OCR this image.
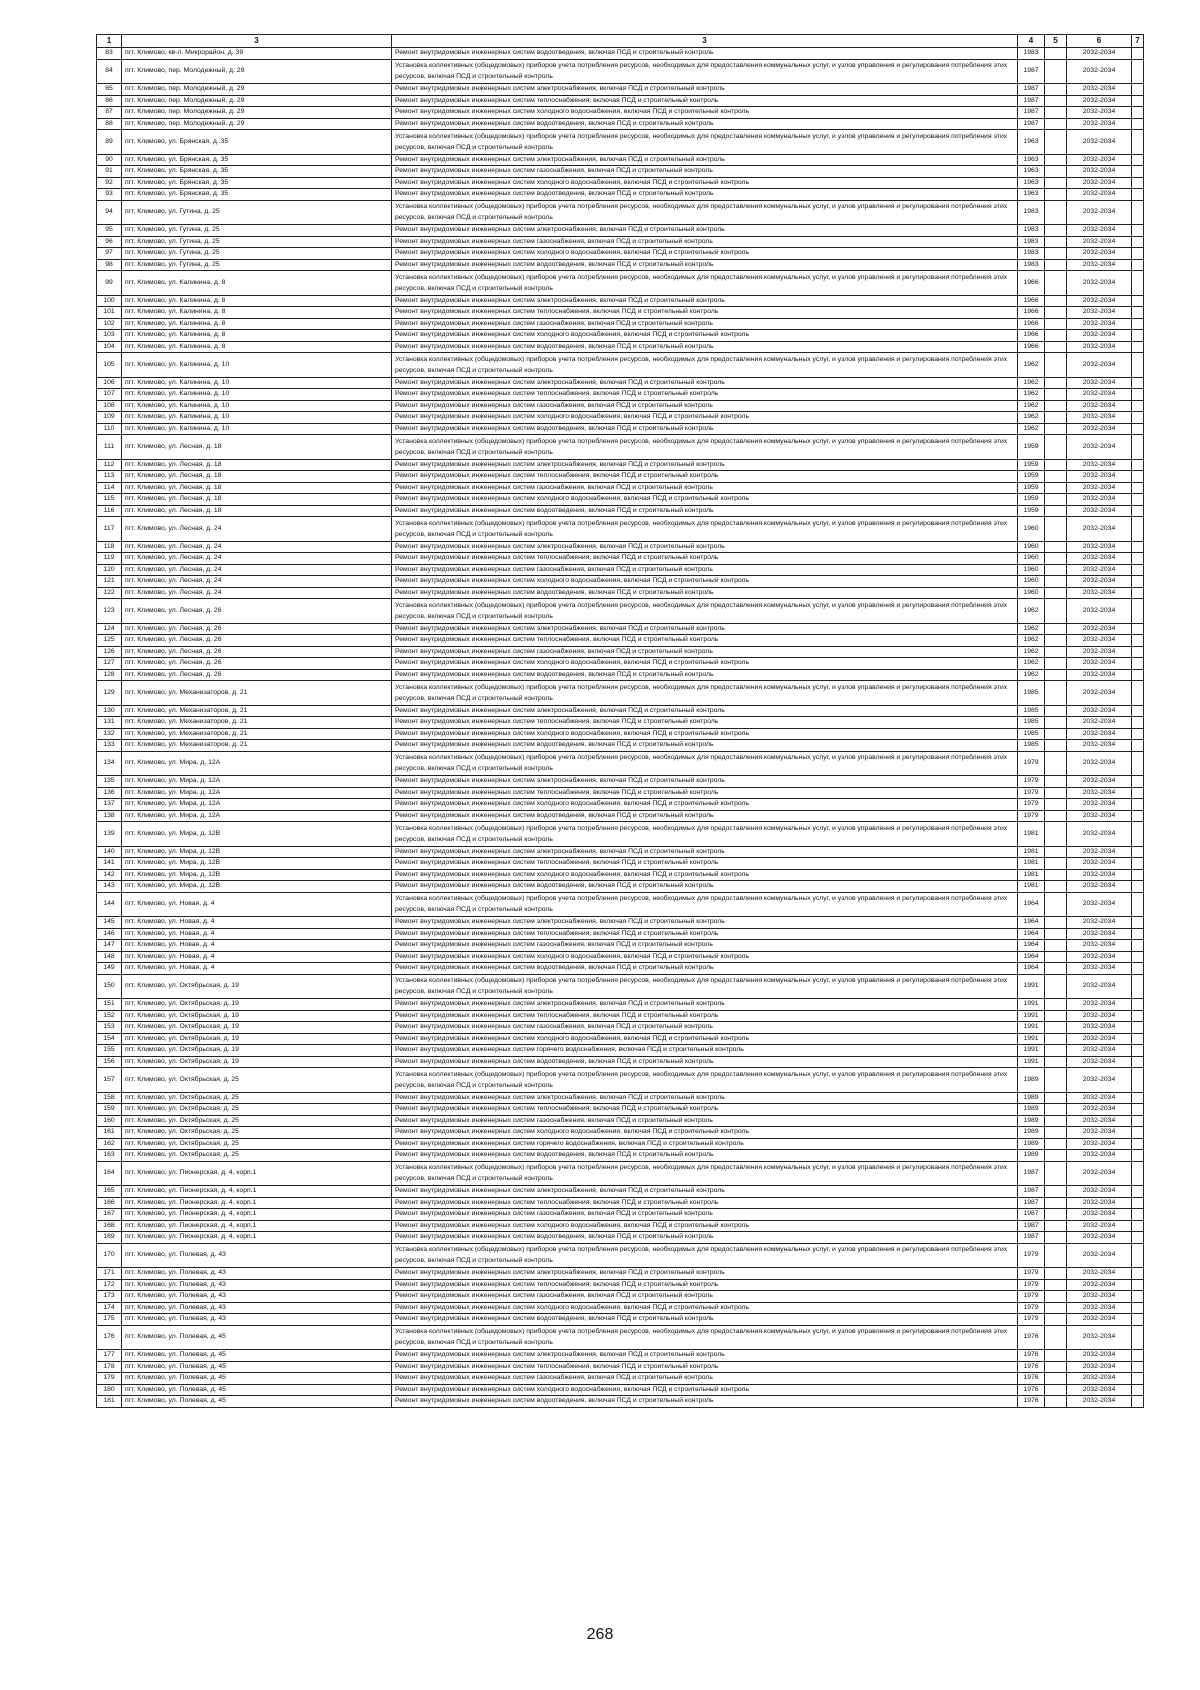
1	3	3	4	5	6	7
83	пгт. Климово, кв-л. Микрорайон, д. 39	Ремонт внутридомовых инженерных систем водоотведения, включая ПСД и строительный контроль	1983		2032-2034	
84	пгт. Климово, пер. Молодежный, д. 29	Установка коллективных (общедомовых) приборов учета потребления ресурсов, необходимых для предоставления коммунальных услуг, и узлов управления и регулирования потребления этих ресурсов, включая ПСД и строительный контроль	1987		2032-2034	
85	пгт. Климово, пер. Молодежный, д. 29	Ремонт внутридомовых инженерных систем электроснабжения, включая ПСД и строительный контроль	1987		2032-2034	
86	пгт. Климово, пер. Молодежный, д. 29	Ремонт внутридомовых инженерных систем теплоснабжения, включая ПСД и строительный контроль	1987		2032-2034	
87	пгт. Климово, пер. Молодежный, д. 29	Ремонт внутридомовых инженерных систем холодного водоснабжения, включая ПСД и строительный контроль	1987		2032-2034	
88	пгт. Климово, пер. Молодежный, д. 29	Ремонт внутридомовых инженерных систем водоотведения, включая ПСД и строительный контроль	1987		2032-2034	
89	пгт. Климово, ул. Брянская, д. 35	Установка коллективных (общедомовых) приборов учета потребления ресурсов, необходимых для предоставления коммунальных услуг, и узлов управления и регулирования потребления этих ресурсов, включая ПСД и строительный контроль	1963		2032-2034	
90	пгт. Климово, ул. Брянская, д. 35	Ремонт внутридомовых инженерных систем электроснабжения, включая ПСД и строительный контроль	1963		2032-2034	
91	пгт. Климово, ул. Брянская, д. 35	Ремонт внутридомовых инженерных систем газоснабжения, включая ПСД и строительный контроль	1963		2032-2034	
92	пгт. Климово, ул. Брянская, д. 35	Ремонт внутридомовых инженерных систем холодного водоснабжения, включая ПСД и строительный контроль	1963		2032-2034	
93	пгт. Климово, ул. Брянская, д. 35	Ремонт внутридомовых инженерных систем водоотведения, включая ПСД и строительный контроль	1963		2032-2034	
94	пгт. Климово, ул. Гутина, д. 25	Установка коллективных (общедомовых) приборов учета потребления ресурсов, необходимых для предоставления коммунальных услуг, и узлов управления и регулирования потребления этих ресурсов, включая ПСД и строительный контроль	1983		2032-2034	
95	пгт. Климово, ул. Гутина, д. 25	Ремонт внутридомовых инженерных систем электроснабжения, включая ПСД и строительный контроль	1983		2032-2034	
96	пгт. Климово, ул. Гутина, д. 25	Ремонт внутридомовых инженерных систем газоснабжения, включая ПСД и строительный контроль	1983		2032-2034	
97	пгт. Климово, ул. Гутина, д. 25	Ремонт внутридомовых инженерных систем холодного водоснабжения, включая ПСД и строительный контроль	1983		2032-2034	
98	пгт. Климово, ул. Гутина, д. 25	Ремонт внутридомовых инженерных систем водоотведения, включая ПСД и строительный контроль	1983		2032-2034	
99	пгт. Климово, ул. Калинина, д. 8	Установка коллективных (общедомовых) приборов учета потребления ресурсов, необходимых для предоставления коммунальных услуг, и узлов управления и регулирования потребления этих ресурсов, включая ПСД и строительный контроль	1966		2032-2034	
100	пгт. Климово, ул. Калинина, д. 8	Ремонт внутридомовых инженерных систем электроснабжения, включая ПСД и строительный контроль	1966		2032-2034	
101	пгт. Климово, ул. Калинина, д. 8	Ремонт внутридомовых инженерных систем теплоснабжения, включая ПСД и строительный контроль	1966		2032-2034	
102	пгт. Климово, ул. Калинина, д. 8	Ремонт внутридомовых инженерных систем газоснабжения, включая ПСД и строительный контроль	1966		2032-2034	
103	пгт. Климово, ул. Калинина, д. 8	Ремонт внутридомовых инженерных систем холодного водоснабжения, включая ПСД и строительный контроль	1966		2032-2034	
104	пгт. Климово, ул. Калинина, д. 8	Ремонт внутридомовых инженерных систем водоотведения, включая ПСД и строительный контроль	1966		2032-2034	
105	пгт. Климово, ул. Калинина, д. 10	Установка коллективных (общедомовых) приборов учета потребления ресурсов, необходимых для предоставления коммунальных услуг, и узлов управления и регулирования потребления этих ресурсов, включая ПСД и строительный контроль	1962		2032-2034	
106	пгт. Климово, ул. Калинина, д. 10	Ремонт внутридомовых инженерных систем электроснабжения, включая ПСД и строительный контроль	1962		2032-2034	
107	пгт. Климово, ул. Калинина, д. 10	Ремонт внутридомовых инженерных систем теплоснабжения, включая ПСД и строительный контроль	1962		2032-2034	
108	пгт. Климово, ул. Калинина, д. 10	Ремонт внутридомовых инженерных систем газоснабжения, включая ПСД и строительный контроль	1962		2032-2034	
109	пгт. Климово, ул. Калинина, д. 10	Ремонт внутридомовых инженерных систем холодного водоснабжения, включая ПСД и строительный контроль	1962		2032-2034	
110	пгт. Климово, ул. Калинина, д. 10	Ремонт внутридомовых инженерных систем водоотведения, включая ПСД и строительный контроль	1962		2032-2034	
111	пгт. Климово, ул. Лесная, д. 18	Установка коллективных (общедомовых) приборов учета потребления ресурсов, необходимых для предоставления коммунальных услуг, и узлов управления и регулирования потребления этих ресурсов, включая ПСД и строительный контроль	1959		2032-2034	
112	пгт. Климово, ул. Лесная, д. 18	Ремонт внутридомовых инженерных систем электроснабжения, включая ПСД и строительный контроль	1959		2032-2034	
113	пгт. Климово, ул. Лесная, д. 18	Ремонт внутридомовых инженерных систем теплоснабжения, включая ПСД и строительный контроль	1959		2032-2034	
114	пгт. Климово, ул. Лесная, д. 18	Ремонт внутридомовых инженерных систем газоснабжения, включая ПСД и строительный контроль	1959		2032-2034	
115	пгт. Климово, ул. Лесная, д. 18	Ремонт внутридомовых инженерных систем холодного водоснабжения, включая ПСД и строительный контроль	1959		2032-2034	
116	пгт. Климово, ул. Лесная, д. 18	Ремонт внутридомовых инженерных систем водоотведения, включая ПСД и строительный контроль	1959		2032-2034	
117	пгт. Климово, ул. Лесная, д. 24	Установка коллективных (общедомовых) приборов учета потребления ресурсов, необходимых для предоставления коммунальных услуг, и узлов управления и регулирования потребления этих ресурсов, включая ПСД и строительный контроль	1960		2032-2034	
118	пгт. Климово, ул. Лесная, д. 24	Ремонт внутридомовых инженерных систем электроснабжения, включая ПСД и строительный контроль	1960		2032-2034	
119	пгт. Климово, ул. Лесная, д. 24	Ремонт внутридомовых инженерных систем теплоснабжения, включая ПСД и строительный контроль	1960		2032-2034	
120	пгт. Климово, ул. Лесная, д. 24	Ремонт внутридомовых инженерных систем газоснабжения, включая ПСД и строительный контроль	1960		2032-2034	
121	пгт. Климово, ул. Лесная, д. 24	Ремонт внутридомовых инженерных систем холодного водоснабжения, включая ПСД и строительный контроль	1960		2032-2034	
122	пгт. Климово, ул. Лесная, д. 24	Ремонт внутридомовых инженерных систем водоотведения, включая ПСД и строительный контроль	1960		2032-2034	
123	пгт. Климово, ул. Лесная, д. 26	Установка коллективных (общедомовых) приборов учета потребления ресурсов, необходимых для предоставления коммунальных услуг, и узлов управления и регулирования потребления этих ресурсов, включая ПСД и строительный контроль	1962		2032-2034	
124	пгт. Климово, ул. Лесная, д. 26	Ремонт внутридомовых инженерных систем электроснабжения, включая ПСД и строительный контроль	1962		2032-2034	
125	пгт. Климово, ул. Лесная, д. 26	Ремонт внутридомовых инженерных систем теплоснабжения, включая ПСД и строительный контроль	1962		2032-2034	
126	пгт. Климово, ул. Лесная, д. 26	Ремонт внутридомовых инженерных систем газоснабжения, включая ПСД и строительный контроль	1962		2032-2034	
127	пгт. Климово, ул. Лесная, д. 26	Ремонт внутридомовых инженерных систем холодного водоснабжения, включая ПСД и строительный контроль	1962		2032-2034	
128	пгт. Климово, ул. Лесная, д. 26	Ремонт внутридомовых инженерных систем водоотведения, включая ПСД и строительный контроль	1962		2032-2034	
129	пгт. Климово, ул. Механизаторов, д. 21	Установка коллективных (общедомовых) приборов учета потребления ресурсов, необходимых для предоставления коммунальных услуг, и узлов управления и регулирования потребления этих ресурсов, включая ПСД и строительный контроль	1985		2032-2034	
130	пгт. Климово, ул. Механизаторов, д. 21	Ремонт внутридомовых инженерных систем электроснабжения, включая ПСД и строительный контроль	1985		2032-2034	
131	пгт. Климово, ул. Механизаторов, д. 21	Ремонт внутридомовых инженерных систем теплоснабжения, включая ПСД и строительный контроль	1985		2032-2034	
132	пгт. Климово, ул. Механизаторов, д. 21	Ремонт внутридомовых инженерных систем холодного водоснабжения, включая ПСД и строительный контроль	1985		2032-2034	
133	пгт. Климово, ул. Механизаторов, д. 21	Ремонт внутридомовых инженерных систем водоотведения, включая ПСД и строительный контроль	1985		2032-2034	
134	пгт. Климово, ул. Мира, д. 12А	Установка коллективных (общедомовых) приборов учета потребления ресурсов, необходимых для предоставления коммунальных услуг, и узлов управления и регулирования потребления этих ресурсов, включая ПСД и строительный контроль	1979		2032-2034	
135	пгт. Климово, ул. Мира, д. 12А	Ремонт внутридомовых инженерных систем электроснабжения, включая ПСД и строительный контроль	1979		2032-2034	
136	пгт. Климово, ул. Мира, д. 12А	Ремонт внутридомовых инженерных систем теплоснабжения, включая ПСД и строительный контроль	1979		2032-2034	
137	пгт. Климово, ул. Мира, д. 12А	Ремонт внутридомовых инженерных систем холодного водоснабжения, включая ПСД и строительный контроль	1979		2032-2034	
138	пгт. Климово, ул. Мира, д. 12А	Ремонт внутридомовых инженерных систем водоотведения, включая ПСД и строительный контроль	1979		2032-2034	
139	пгт. Климово, ул. Мира, д. 12В	Установка коллективных (общедомовых) приборов учета потребления ресурсов, необходимых для предоставления коммунальных услуг, и узлов управления и регулирования потребления этих ресурсов, включая ПСД и строительный контроль	1981		2032-2034	
140	пгт. Климово, ул. Мира, д. 12В	Ремонт внутридомовых инженерных систем электроснабжения, включая ПСД и строительный контроль	1981		2032-2034	
141	пгт. Климово, ул. Мира, д. 12В	Ремонт внутридомовых инженерных систем теплоснабжения, включая ПСД и строительный контроль	1981		2032-2034	
142	пгт. Климово, ул. Мира, д. 12В	Ремонт внутридомовых инженерных систем холодного водоснабжения, включая ПСД и строительный контроль	1981		2032-2034	
143	пгт. Климово, ул. Мира, д. 12В	Ремонт внутридомовых инженерных систем водоотведения, включая ПСД и строительный контроль	1981		2032-2034	
144	пгт. Климово, ул. Новая, д. 4	Установка коллективных (общедомовых) приборов учета потребления ресурсов, необходимых для предоставления коммунальных услуг, и узлов управления и регулирования потребления этих ресурсов, включая ПСД и строительный контроль	1964		2032-2034	
145	пгт. Климово, ул. Новая, д. 4	Ремонт внутридомовых инженерных систем электроснабжения, включая ПСД и строительный контроль	1964		2032-2034	
146	пгт. Климово, ул. Новая, д. 4	Ремонт внутридомовых инженерных систем теплоснабжения, включая ПСД и строительный контроль	1964		2032-2034	
147	пгт. Климово, ул. Новая, д. 4	Ремонт внутридомовых инженерных систем газоснабжения, включая ПСД и строительный контроль	1964		2032-2034	
148	пгт. Климово, ул. Новая, д. 4	Ремонт внутридомовых инженерных систем холодного водоснабжения, включая ПСД и строительный контроль	1964		2032-2034	
149	пгт. Климово, ул. Новая, д. 4	Ремонт внутридомовых инженерных систем водоотведения, включая ПСД и строительный контроль	1964		2032-2034	
150	пгт. Климово, ул. Октябрьская, д. 19	Установка коллективных (общедомовых) приборов учета потребления ресурсов, необходимых для предоставления коммунальных услуг, и узлов управления и регулирования потребления этих ресурсов, включая ПСД и строительный контроль	1991		2032-2034	
151	пгт. Климово, ул. Октябрьская, д. 19	Ремонт внутридомовых инженерных систем электроснабжения, включая ПСД и строительный контроль	1991		2032-2034	
152	пгт. Климово, ул. Октябрьская, д. 19	Ремонт внутридомовых инженерных систем теплоснабжения, включая ПСД и строительный контроль	1991		2032-2034	
153	пгт. Климово, ул. Октябрьская, д. 19	Ремонт внутридомовых инженерных систем газоснабжения, включая ПСД и строительный контроль	1991		2032-2034	
154	пгт. Климово, ул. Октябрьская, д. 19	Ремонт внутридомовых инженерных систем холодного водоснабжения, включая ПСД и строительный контроль	1991		2032-2034	
155	пгт. Климово, ул. Октябрьская, д. 19	Ремонт внутридомовых инженерных систем горячего водоснабжения, включая ПСД и строительный контроль	1991		2032-2034	
156	пгт. Климово, ул. Октябрьская, д. 19	Ремонт внутридомовых инженерных систем водоотведения, включая ПСД и строительный контроль	1991		2032-2034	
157	пгт. Климово, ул. Октябрьская, д. 25	Установка коллективных (общедомовых) приборов учета потребления ресурсов, необходимых для предоставления коммунальных услуг, и узлов управления и регулирования потребления этих ресурсов, включая ПСД и строительный контроль	1989		2032-2034	
158	пгт. Климово, ул. Октябрьская, д. 25	Ремонт внутридомовых инженерных систем электроснабжения, включая ПСД и строительный контроль	1989		2032-2034	
159	пгт. Климово, ул. Октябрьская, д. 25	Ремонт внутридомовых инженерных систем теплоснабжения, включая ПСД и строительный контроль	1989		2032-2034	
160	пгт. Климово, ул. Октябрьская, д. 25	Ремонт внутридомовых инженерных систем газоснабжения, включая ПСД и строительный контроль	1989		2032-2034	
161	пгт. Климово, ул. Октябрьская, д. 25	Ремонт внутридомовых инженерных систем холодного водоснабжения, включая ПСД и строительный контроль	1989		2032-2034	
162	пгт. Климово, ул. Октябрьская, д. 25	Ремонт внутридомовых инженерных систем горячего водоснабжения, включая ПСД и строительный контроль	1989		2032-2034	
163	пгт. Климово, ул. Октябрьская, д. 25	Ремонт внутридомовых инженерных систем водоотведения, включая ПСД и строительный контроль	1989		2032-2034	
164	пгт. Климово, ул. Пионерская, д. 4, корп.1	Установка коллективных (общедомовых) приборов учета потребления ресурсов, необходимых для предоставления коммунальных услуг, и узлов управления и регулирования потребления этих ресурсов, включая ПСД и строительный контроль	1987		2032-2034	
165	пгт. Климово, ул. Пионерская, д. 4, корп.1	Ремонт внутридомовых инженерных систем электроснабжения, включая ПСД и строительный контроль	1987		2032-2034	
166	пгт. Климово, ул. Пионерская, д. 4, корп.1	Ремонт внутридомовых инженерных систем теплоснабжения, включая ПСД и строительный контроль	1987		2032-2034	
167	пгт. Климово, ул. Пионерская, д. 4, корп.1	Ремонт внутридомовых инженерных систем газоснабжения, включая ПСД и строительный контроль	1987		2032-2034	
168	пгт. Климово, ул. Пионерская, д. 4, корп.1	Ремонт внутридомовых инженерных систем холодного водоснабжения, включая ПСД и строительный контроль	1987		2032-2034	
169	пгт. Климово, ул. Пионерская, д. 4, корп.1	Ремонт внутридомовых инженерных систем водоотведения, включая ПСД и строительный контроль	1987		2032-2034	
170	пгт. Климово, ул. Полевая, д. 43	Установка коллективных (общедомовых) приборов учета потребления ресурсов, необходимых для предоставления коммунальных услуг, и узлов управления и регулирования потребления этих ресурсов, включая ПСД и строительный контроль	1979		2032-2034	
171	пгт. Климово, ул. Полевая, д. 43	Ремонт внутридомовых инженерных систем электроснабжения, включая ПСД и строительный контроль	1979		2032-2034	
172	пгт. Климово, ул. Полевая, д. 43	Ремонт внутридомовых инженерных систем теплоснабжения, включая ПСД и строительный контроль	1979		2032-2034	
173	пгт. Климово, ул. Полевая, д. 43	Ремонт внутридомовых инженерных систем газоснабжения, включая ПСД и строительный контроль	1979		2032-2034	
174	пгт. Климово, ул. Полевая, д. 43	Ремонт внутридомовых инженерных систем холодного водоснабжения, включая ПСД и строительный контроль	1979		2032-2034	
175	пгт. Климово, ул. Полевая, д. 43	Ремонт внутридомовых инженерных систем водоотведения, включая ПСД и строительный контроль	1979		2032-2034	
176	пгт. Климово, ул. Полевая, д. 45	Установка коллективных (общедомовых) приборов учета потребления ресурсов, необходимых для предоставления коммунальных услуг, и узлов управления и регулирования потребления этих ресурсов, включая ПСД и строительный контроль	1976		2032-2034	
177	пгт. Климово, ул. Полевая, д. 45	Ремонт внутридомовых инженерных систем электроснабжения, включая ПСД и строительный контроль	1976		2032-2034	
178	пгт. Климово, ул. Полевая, д. 45	Ремонт внутридомовых инженерных систем теплоснабжения, включая ПСД и строительный контроль	1976		2032-2034	
179	пгт. Климово, ул. Полевая, д. 45	Ремонт внутридомовых инженерных систем газоснабжения, включая ПСД и строительный контроль	1976		2032-2034	
180	пгт. Климово, ул. Полевая, д. 45	Ремонт внутридомовых инженерных систем холодного водоснабжения, включая ПСД и строительный контроль	1976		2032-2034	
181	пгт. Климово, ул. Полевая, д. 45	Ремонт внутридомовых инженерных систем водоотведения, включая ПСД и строительный контроль	1976		2032-2034	
268
